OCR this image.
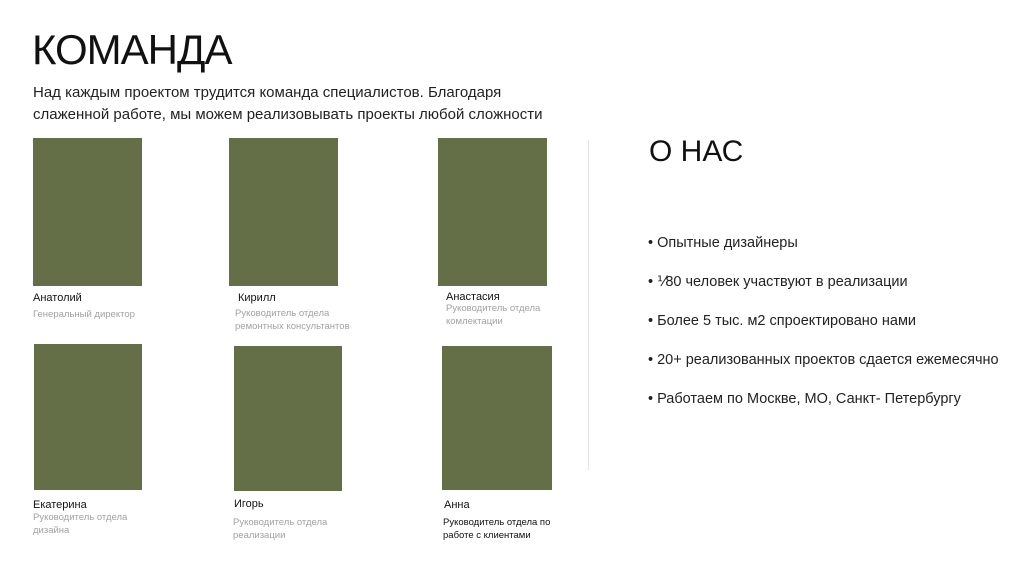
КОМАНДА
Над каждым проектом трудится команда специалистов. Благодаря
слаженной работе, мы можем реализовывать проекты любой сложности
Анатолий
Генеральный директор
Кирилл
Руководитель отдела
ремонтных консультантов
Анастасия
Руководитель отдела
комлектации
Екатерина
Руководитель отдела
дизайна
Игорь
Руководитель отдела
реализации
Анна
Руководитель отдела по
работе с клиентами
О НАС
• Опытные дизайнеры
• ⅟80 человек участвуют в реализации
• Более 5 тыс. м2 спроектировано нами
• 20+ реализованных проектов сдается ежемесячно
• Работаем по Москве, МО, Санкт- Петербургу
